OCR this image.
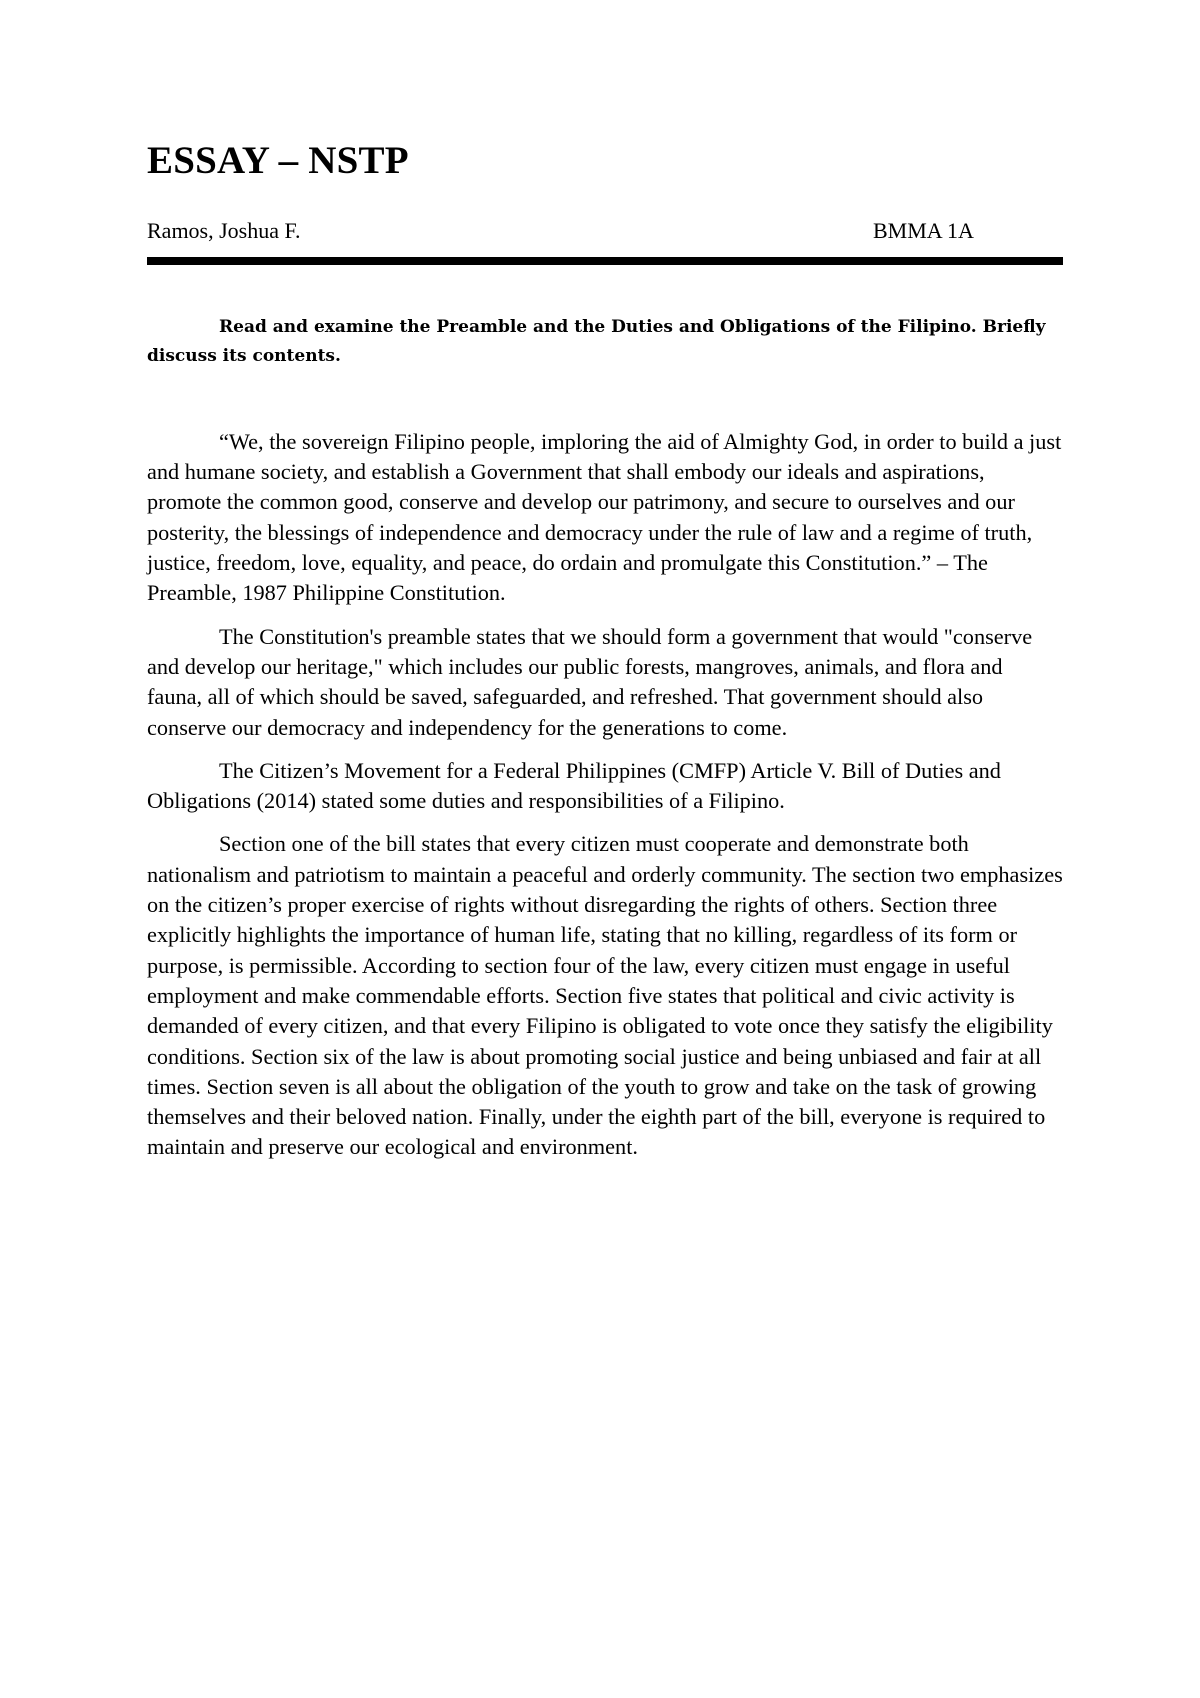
ESSAY – NSTP
Ramos, Joshua F.	BMMA 1A

Read and examine the Preamble and the Duties and Obligations of the Filipino. Briefly discuss its contents.

“We, the sovereign Filipino people, imploring the aid of Almighty God, in order to build a just and humane society, and establish a Government that shall embody our ideals and aspirations, promote the common good, conserve and develop our patrimony, and secure to ourselves and our posterity, the blessings of independence and democracy under the rule of law and a regime of truth, justice, freedom, love, equality, and peace, do ordain and promulgate this Constitution.” – The Preamble, 1987 Philippine Constitution.

The Constitution's preamble states that we should form a government that would "conserve and develop our heritage," which includes our public forests, mangroves, animals, and flora and fauna, all of which should be saved, safeguarded, and refreshed. That government should also conserve our democracy and independency for the generations to come.

The Citizen’s Movement for a Federal Philippines (CMFP) Article V. Bill of Duties and Obligations (2014) stated some duties and responsibilities of a Filipino.

Section one of the bill states that every citizen must cooperate and demonstrate both nationalism and patriotism to maintain a peaceful and orderly community. The section two emphasizes on the citizen’s proper exercise of rights without disregarding the rights of others. Section three explicitly highlights the importance of human life, stating that no killing, regardless of its form or purpose, is permissible. According to section four of the law, every citizen must engage in useful employment and make commendable efforts. Section five states that political and civic activity is demanded of every citizen, and that every Filipino is obligated to vote once they satisfy the eligibility conditions. Section six of the law is about promoting social justice and being unbiased and fair at all times. Section seven is all about the obligation of the youth to grow and take on the task of growing themselves and their beloved nation. Finally, under the eighth part of the bill, everyone is required to maintain and preserve our ecological and environment.
